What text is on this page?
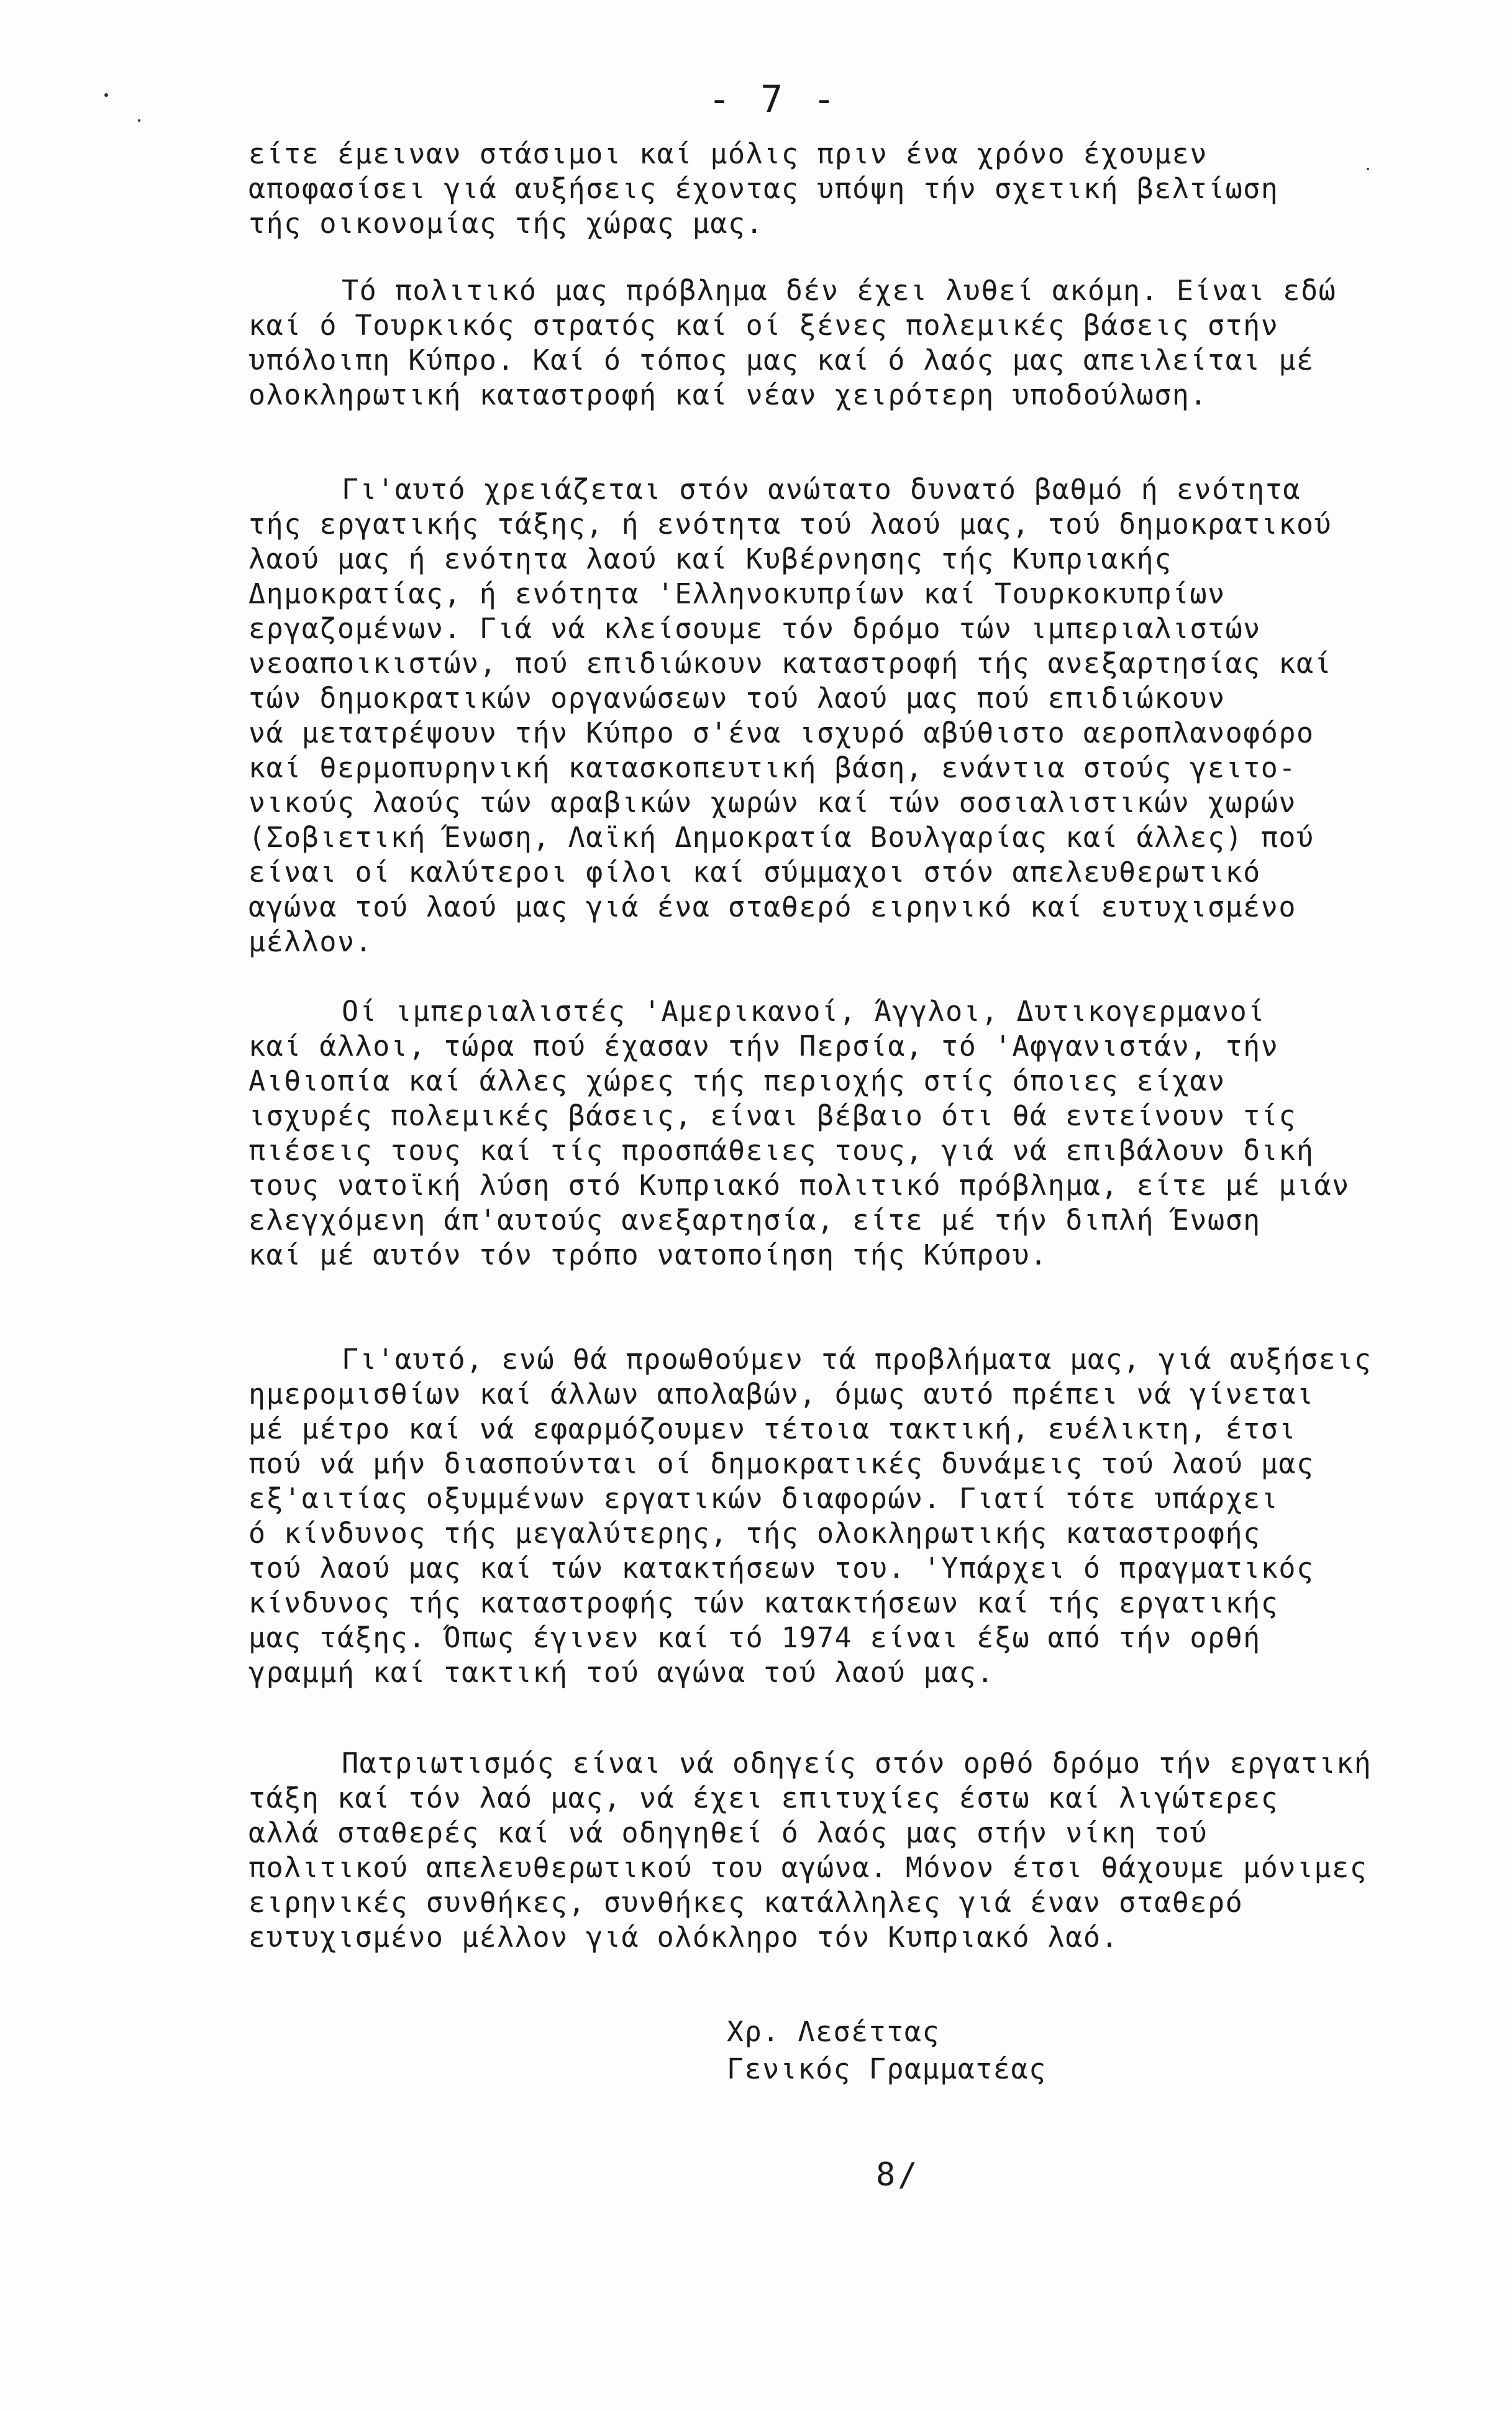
- 7 -
είτε έμειναν στάσιμοι καί μόλις πριν ένα χρόνο έχουμεν
αποφασίσει γιά αυξήσεις έχοντας υπόψη τήν σχετική βελτίωση
τής οικονομίας τής χώρας μας.
Τό πολιτικό μας πρόβλημα δέν έχει λυθεί ακόμη. Είναι εδώ
καί ό Τουρκικός στρατός καί οί ξένες πολεμικές βάσεις στήν
υπόλοιπη Κύπρο. Καί ό τόπος μας καί ό λαός μας απειλείται μέ
ολοκληρωτική καταστροφή καί νέαν χειρότερη υποδούλωση.
Γι'αυτό χρειάζεται στόν ανώτατο δυνατό βαθμό ή ενότητα
τής εργατικής τάξης, ή ενότητα τού λαού μας, τού δημοκρατικού
λαού μας ή ενότητα λαού καί Κυβέρνησης τής Κυπριακής
Δημοκρατίας, ή ενότητα 'Ελληνοκυπρίων καί Τουρκοκυπρίων
εργαζομένων. Γιά νά κλείσουμε τόν δρόμο τών ιμπεριαλιστών
νεοαποικιστών, πού επιδιώκουν καταστροφή τής ανεξαρτησίας καί
τών δημοκρατικών οργανώσεων τού λαού μας πού επιδιώκουν
νά μετατρέψουν τήν Κύπρο σ'ένα ισχυρό αβύθιστο αεροπλανοφόρο
καί θερμοπυρηνική κατασκοπευτική βάση, ενάντια στούς γειτο-
νικούς λαούς τών αραβικών χωρών καί τών σοσιαλιστικών χωρών
(Σοβιετική Ένωση, Λαϊκή Δημοκρατία Βουλγαρίας καί άλλες) πού
είναι οί καλύτεροι φίλοι καί σύμμαχοι στόν απελευθερωτικό
αγώνα τού λαού μας γιά ένα σταθερό ειρηνικό καί ευτυχισμένο
μέλλον.
Οί ιμπεριαλιστές 'Αμερικανοί, Άγγλοι, Δυτικογερμανοί
καί άλλοι, τώρα πού έχασαν τήν Περσία, τό 'Αφγανιστάν, τήν
Αιθιοπία καί άλλες χώρες τής περιοχής στίς όποιες είχαν
ισχυρές πολεμικές βάσεις, είναι βέβαιο ότι θά εντείνουν τίς
πιέσεις τους καί τίς προσπάθειες τους, γιά νά επιβάλουν δική
τους νατοϊκή λύση στό Κυπριακό πολιτικό πρόβλημα, είτε μέ μιάν
ελεγχόμενη άπ'αυτούς ανεξαρτησία, είτε μέ τήν διπλή Ένωση
καί μέ αυτόν τόν τρόπο νατοποίηση τής Κύπρου.
Γι'αυτό, ενώ θά προωθούμεν τά προβλήματα μας, γιά αυξήσεις
ημερομισθίων καί άλλων απολαβών, όμως αυτό πρέπει νά γίνεται
μέ μέτρο καί νά εφαρμόζουμεν τέτοια τακτική, ευέλικτη, έτσι
πού νά μήν διασπούνται οί δημοκρατικές δυνάμεις τού λαού μας
εξ'αιτίας οξυμμένων εργατικών διαφορών. Γιατί τότε υπάρχει
ό κίνδυνος τής μεγαλύτερης, τής ολοκληρωτικής καταστροφής
τού λαού μας καί τών κατακτήσεων του. 'Υπάρχει ό πραγματικός
κίνδυνος τής καταστροφής τών κατακτήσεων καί τής εργατικής
μας τάξης. Όπως έγινεν καί τό 1974 είναι έξω από τήν ορθή
γραμμή καί τακτική τού αγώνα τού λαού μας.
Πατριωτισμός είναι νά οδηγείς στόν ορθό δρόμο τήν εργατική
τάξη καί τόν λαό μας, νά έχει επιτυχίες έστω καί λιγώτερες
αλλά σταθερές καί νά οδηγηθεί ό λαός μας στήν νίκη τού
πολιτικού απελευθερωτικού του αγώνα. Μόνον έτσι θάχουμε μόνιμες
ειρηνικές συνθήκες, συνθήκες κατάλληλες γιά έναν σταθερό
ευτυχισμένο μέλλον γιά ολόκληρο τόν Κυπριακό λαό.
Χρ. Λεσέττας
Γενικός Γραμματέας
8/
